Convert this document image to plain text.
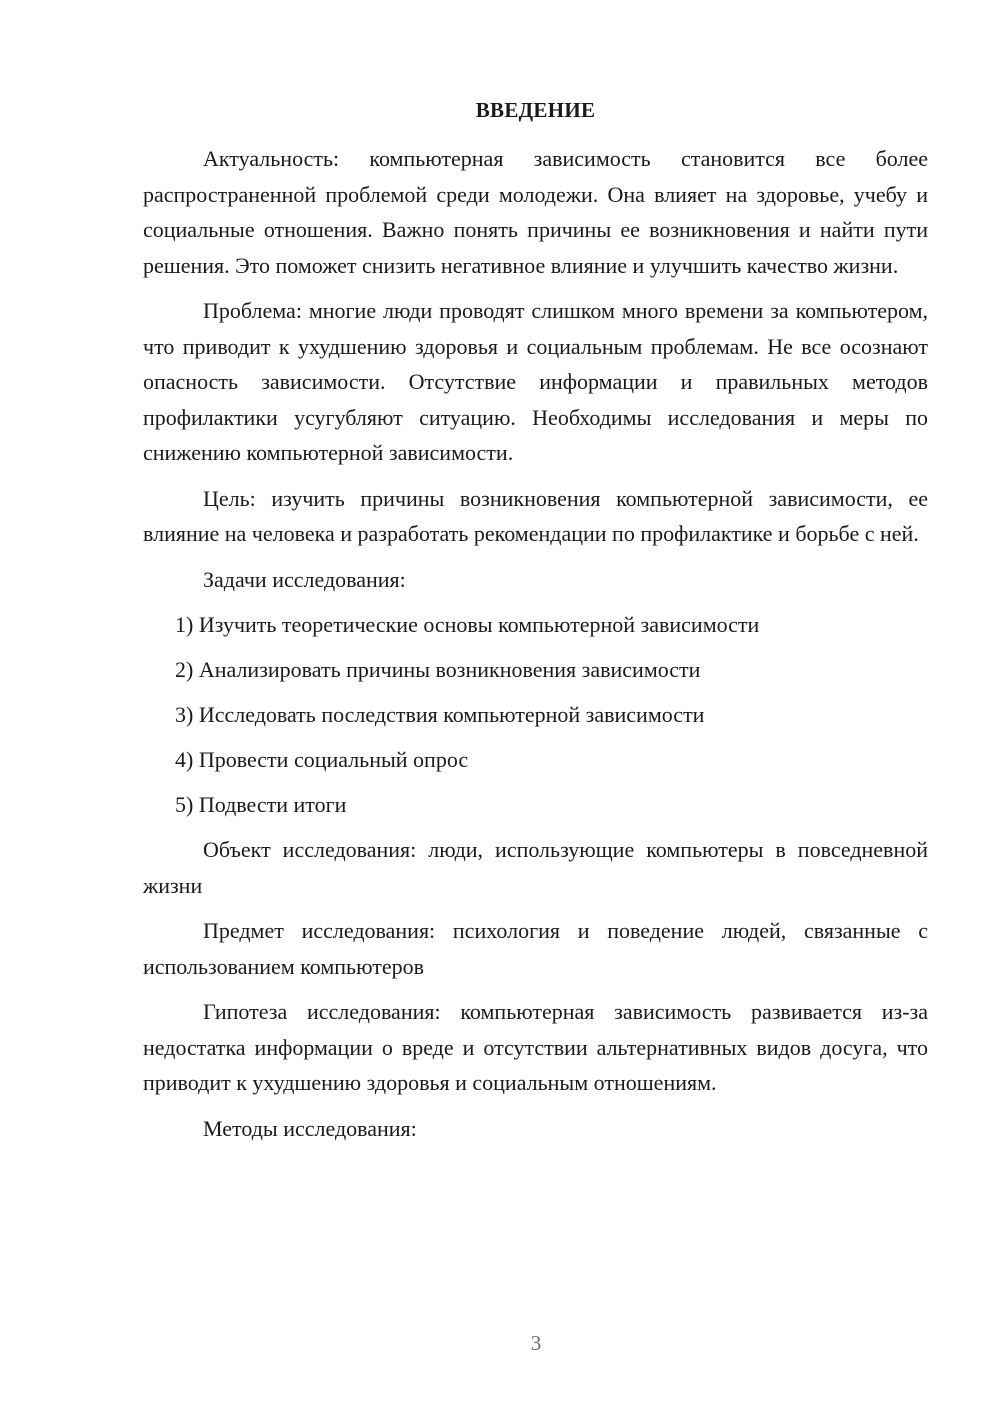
ВВЕДЕНИЕ

Актуальность: компьютерная зависимость становится все более распространенной проблемой среди молодежи. Она влияет на здоровье, учебу и социальные отношения. Важно понять причины ее возникновения и найти пути решения. Это поможет снизить негативное влияние и улучшить качество жизни.

Проблема: многие люди проводят слишком много времени за компьютером, что приводит к ухудшению здоровья и социальным проблемам. Не все осознают опасность зависимости. Отсутствие информации и правильных методов профилактики усугубляют ситуацию. Необходимы исследования и меры по снижению компьютерной зависимости.

Цель: изучить причины возникновения компьютерной зависимости, ее влияние на человека и разработать рекомендации по профилактике и борьбе с ней.

Задачи исследования:
1) Изучить теоретические основы компьютерной зависимости
2) Анализировать причины возникновения зависимости
3) Исследовать последствия компьютерной зависимости
4) Провести социальный опрос
5) Подвести итоги

Объект исследования: люди, использующие компьютеры в повседневной жизни

Предмет исследования: психология и поведение людей, связанные с использованием компьютеров

Гипотеза исследования: компьютерная зависимость развивается из-за недостатка информации о вреде и отсутствии альтернативных видов досуга, что приводит к ухудшению здоровья и социальным отношениям.

Методы исследования:
3
